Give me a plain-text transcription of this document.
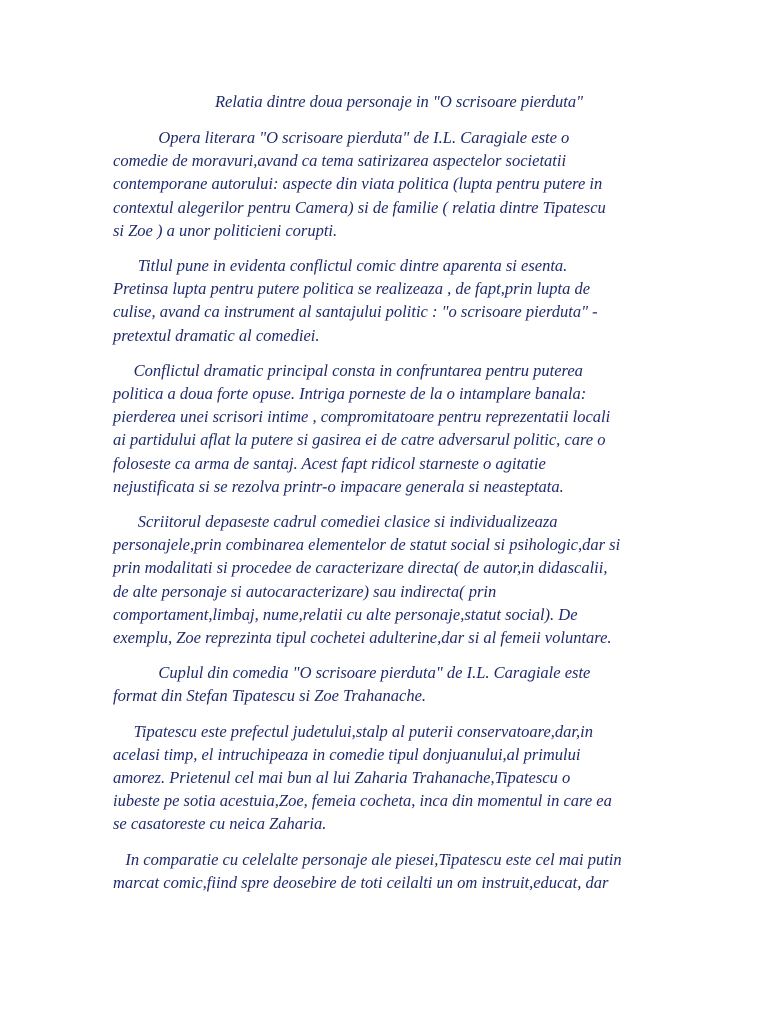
Relatia dintre doua personaje in "O scrisoare pierduta"

Opera literara "O scrisoare pierduta" de I.L. Caragiale este o
comedie de moravuri,avand ca tema satirizarea aspectelor societatii
contemporane autorului: aspecte din viata politica (lupta pentru putere in
contextul alegerilor pentru Camera) si de familie ( relatia dintre Tipatescu
si Zoe ) a unor politicieni corupti.

Titlul pune in evidenta conflictul comic dintre aparenta si esenta.
Pretinsa lupta pentru putere politica se realizeaza , de fapt,prin lupta de
culise, avand ca instrument al santajului politic : "o scrisoare pierduta" -
pretextul dramatic al comediei.

Conflictul dramatic principal consta in confruntarea pentru puterea
politica a doua forte opuse. Intriga porneste de la o intamplare banala:
pierderea unei scrisori intime , compromitatoare pentru reprezentatii locali
ai partidului aflat la putere si gasirea ei de catre adversarul politic, care o
foloseste ca arma de santaj. Acest fapt ridicol starneste o agitatie
nejustificata si se rezolva printr-o impacare generala si neasteptata.

Scriitorul depaseste cadrul comediei clasice si individualizeaza
personajele,prin combinarea elementelor de statut social si psihologic,dar si
prin modalitati si procedee de caracterizare directa( de autor,in didascalii,
de alte personaje si autocaracterizare) sau indirecta( prin
comportament,limbaj, nume,relatii cu alte personaje,statut social). De
exemplu, Zoe reprezinta tipul cochetei adulterine,dar si al femeii voluntare.

Cuplul din comedia "O scrisoare pierduta" de I.L. Caragiale este
format din Stefan Tipatescu si Zoe Trahanache.

Tipatescu este prefectul judetului,stalp al puterii conservatoare,dar,in
acelasi timp, el intruchipeaza in comedie tipul donjuanului,al primului
amorez. Prietenul cel mai bun al lui Zaharia Trahanache,Tipatescu o
iubeste pe sotia acestuia,Zoe, femeia cocheta, inca din momentul in care ea
se casatoreste cu neica Zaharia.

In comparatie cu celelalte personaje ale piesei,Tipatescu este cel mai putin
marcat comic,fiind spre deosebire de toti ceilalti un om instruit,educat, dar
